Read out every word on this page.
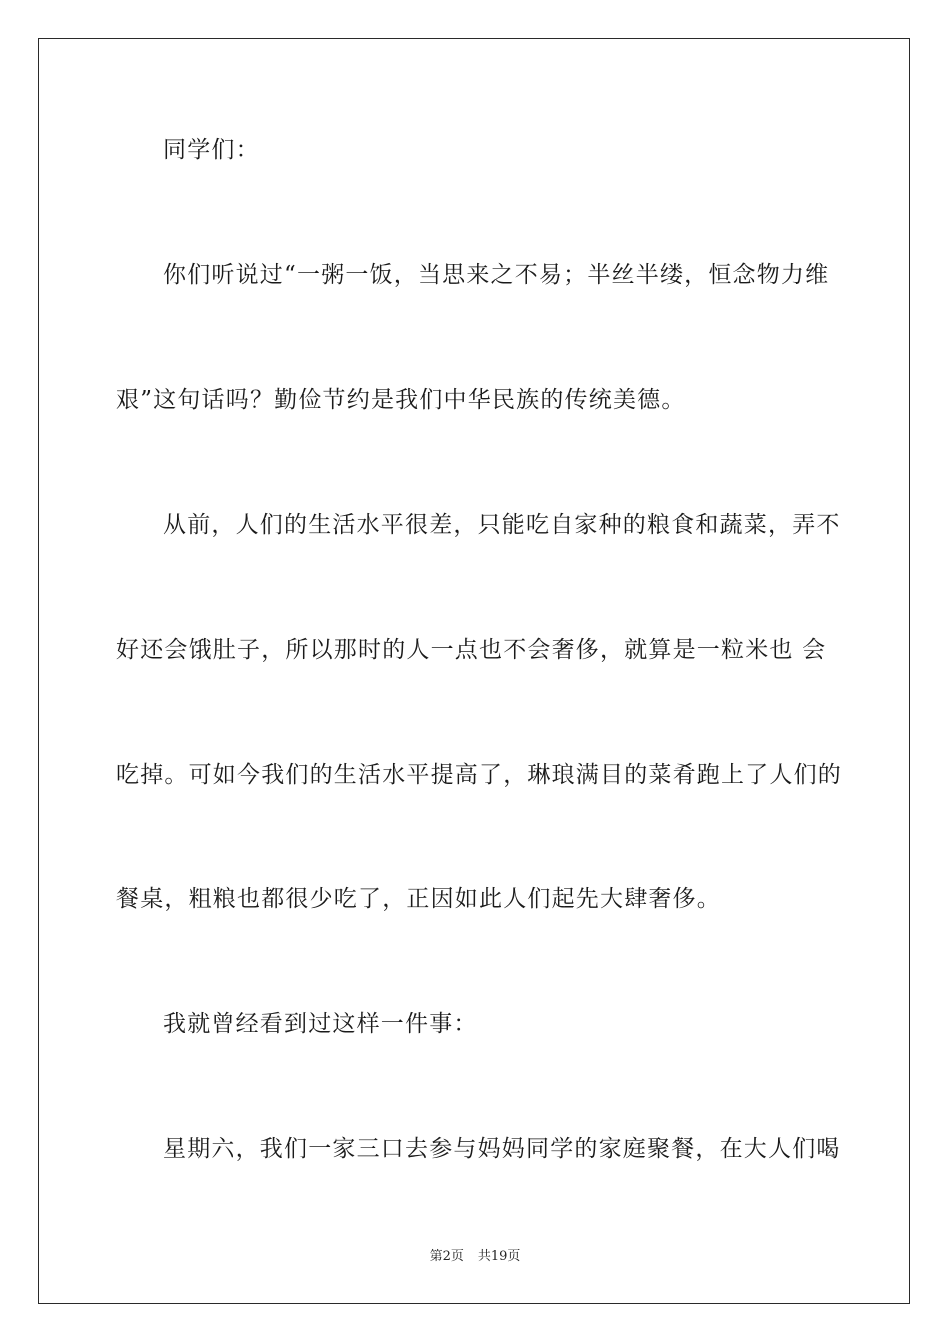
同学们：
你们听说过“一粥一饭，当思来之不易；半丝半缕，恒念物力维
艰”这句话吗？勤俭节约是我们中华民族的传统美德。
从前，人们的生活水平很差，只能吃自家种的粮食和蔬菜，弄不
好还会饿肚子，所以那时的人一点也不会奢侈，就算是一粒米也 会
吃掉。可如今我们的生活水平提高了，琳琅满目的菜肴跑上了人们的
餐桌，粗粮也都很少吃了，正因如此人们起先大肆奢侈。
我就曾经看到过这样一件事：
星期六，我们一家三口去参与妈妈同学的家庭聚餐，在大人们喝
第2页 共19页
